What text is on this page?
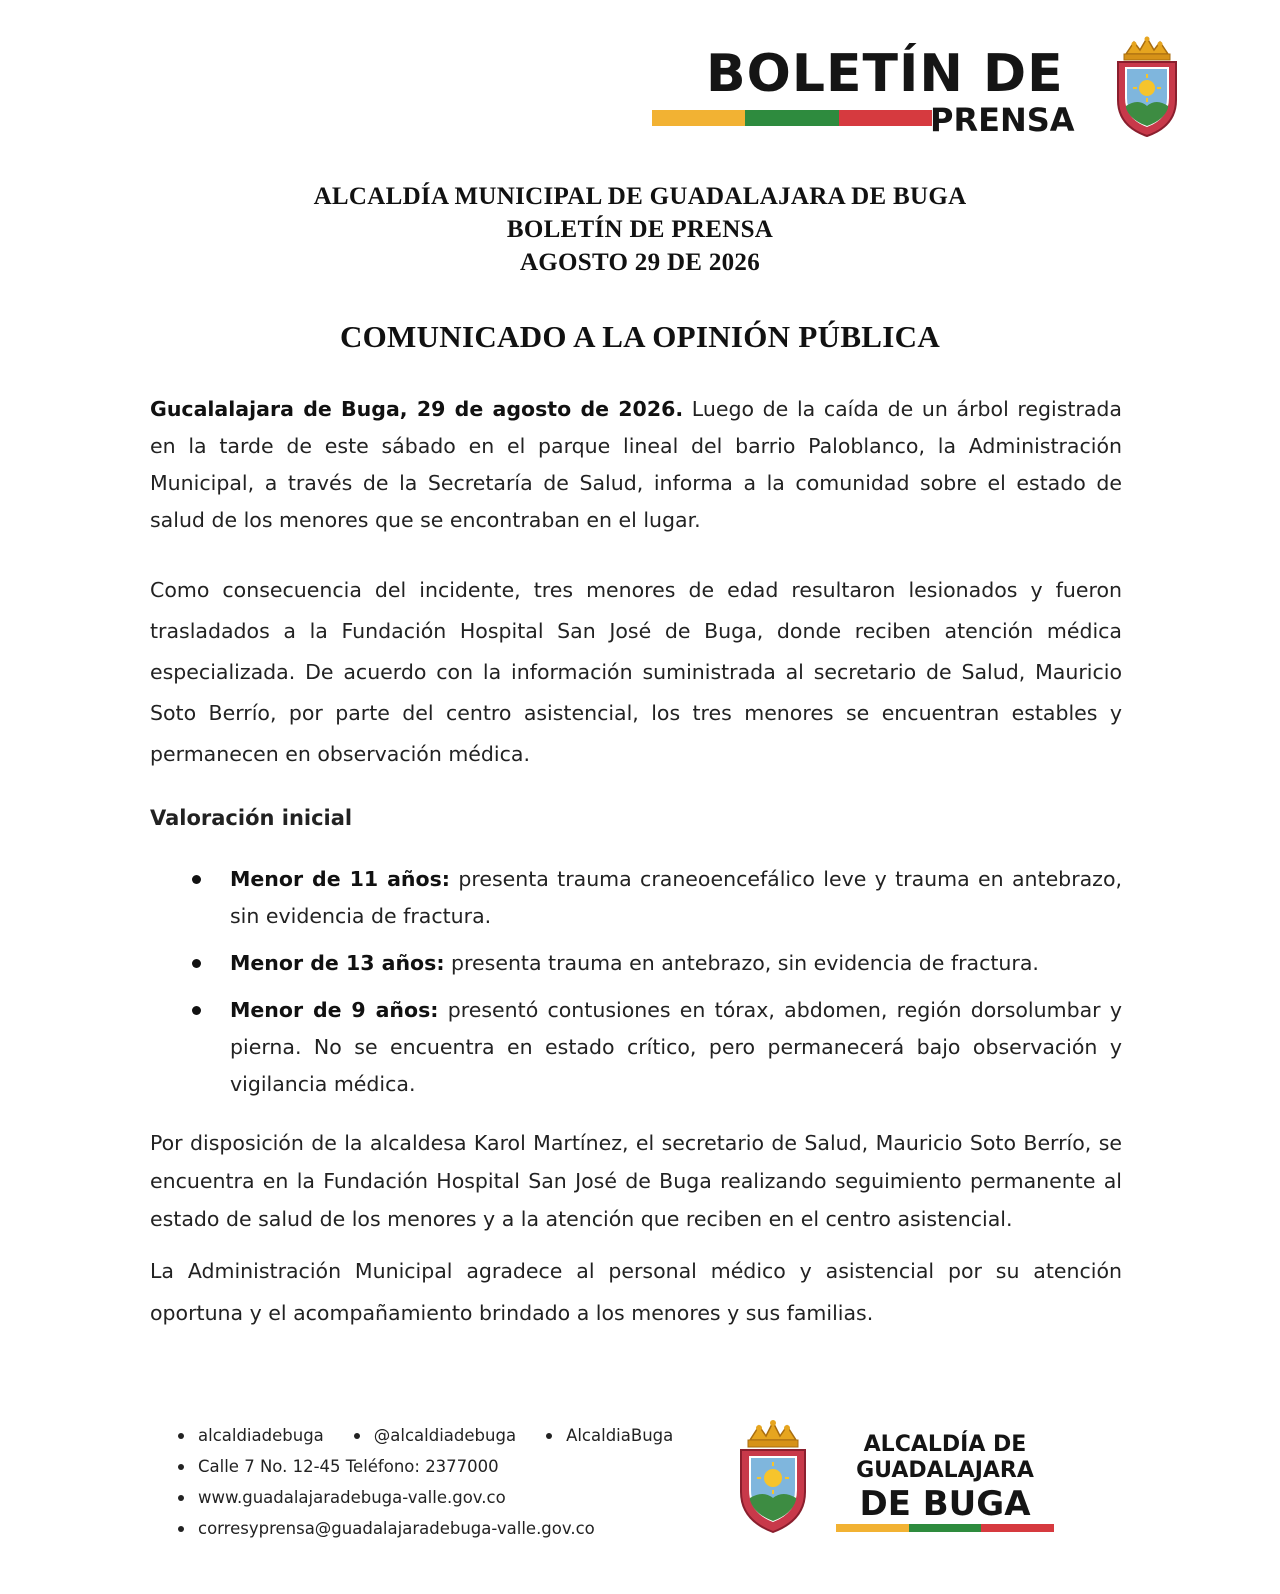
BOLETÍN DE
PRENSA
ALCALDÍA MUNICIPAL DE GUADALAJARA DE BUGA
BOLETÍN DE PRENSA
AGOSTO 29 DE 2026
COMUNICADO A LA OPINIÓN PÚBLICA

Gucalalajara de Buga, 29 de agosto de 2026. Luego de la caída de un árbol registrada en la tarde de este sábado en el parque lineal del barrio Paloblanco, la Administración Municipal, a través de la Secretaría de Salud, informa a la comunidad sobre el estado de salud de los menores que se encontraban en el lugar.

Como consecuencia del incidente, tres menores de edad resultaron lesionados y fueron trasladados a la Fundación Hospital San José de Buga, donde reciben atención médica especializada. De acuerdo con la información suministrada al secretario de Salud, Mauricio Soto Berrío, por parte del centro asistencial, los tres menores se encuentran estables y permanecen en observación médica.

Valoración inicial
Menor de 11 años: presenta trauma craneoencefálico leve y trauma en antebrazo, sin evidencia de fractura.
Menor de 13 años: presenta trauma en antebrazo, sin evidencia de fractura.
Menor de 9 años: presentó contusiones en tórax, abdomen, región dorsolumbar y pierna. No se encuentra en estado crítico, pero permanecerá bajo observación y vigilancia médica.

Por disposición de la alcaldesa Karol Martínez, el secretario de Salud, Mauricio Soto Berrío, se encuentra en la Fundación Hospital San José de Buga realizando seguimiento permanente al estado de salud de los menores y a la atención que reciben en el centro asistencial.

La Administración Municipal agradece al personal médico y asistencial por su atención oportuna y el acompañamiento brindado a los menores y sus familias.

alcaldiadebuga	@alcaldiadebuga	AlcaldiaBuga
Calle 7 No. 12-45 Teléfono: 2377000
www.guadalajaradebuga-valle.gov.co
corresyprensa@guadalajaradebuga-valle.gov.co
ALCALDÍA DE
GUADALAJARA
DE BUGA
